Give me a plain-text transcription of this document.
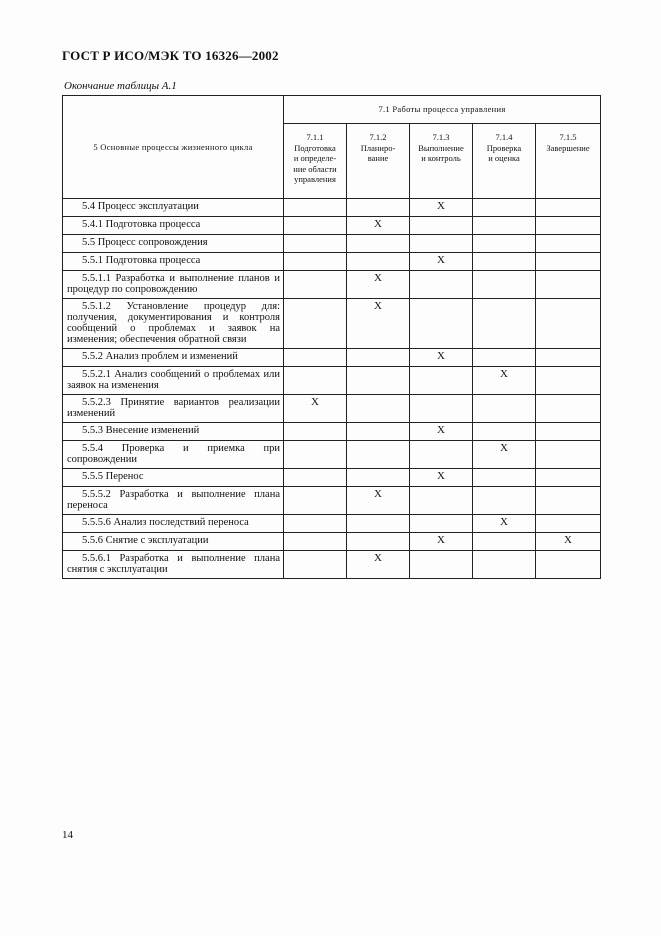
ГОСТ Р ИСО/МЭК ТО 16326—2002
Окончание таблицы А.1
5 Основные процессы жизненного цикла	7.1 Работы процесса управления				

	7.1.1
Подготовка
и определе-
ние области
управления	7.1.2
Планиро-
вание	7.1.3
Выполнение
и контроль	7.1.4
Проверка
и оценка	7.1.5
Завершение

5.4 Процесс эксплуатации			X		

5.4.1 Подготовка процесса		X			

5.5 Процесс сопровождения					

5.5.1 Подготовка процесса			X		

5.5.1.1 Разработка и выполнение планов и процедур по сопровождению		X			

5.5.1.2 Установление процедур для: получения, документирования и контроля сообщений о проблемах и заявок на изменения; обеспечения обратной связи		X			

5.5.2 Анализ проблем и изменений			X		

5.5.2.1 Анализ сообщений о проблемах или заявок на изменения				X	

5.5.2.3 Принятие вариантов реализации изменений	X				

5.5.3 Внесение изменений			X		

5.5.4 Проверка и приемка при сопровождении				X	

5.5.5 Перенос			X		

5.5.5.2 Разработка и выполнение плана переноса		X			

5.5.5.6 Анализ последствий переноса				X	

5.5.6 Снятие с эксплуатации			X		X

5.5.6.1 Разработка и выполнение плана снятия с эксплуатации		X			
14
